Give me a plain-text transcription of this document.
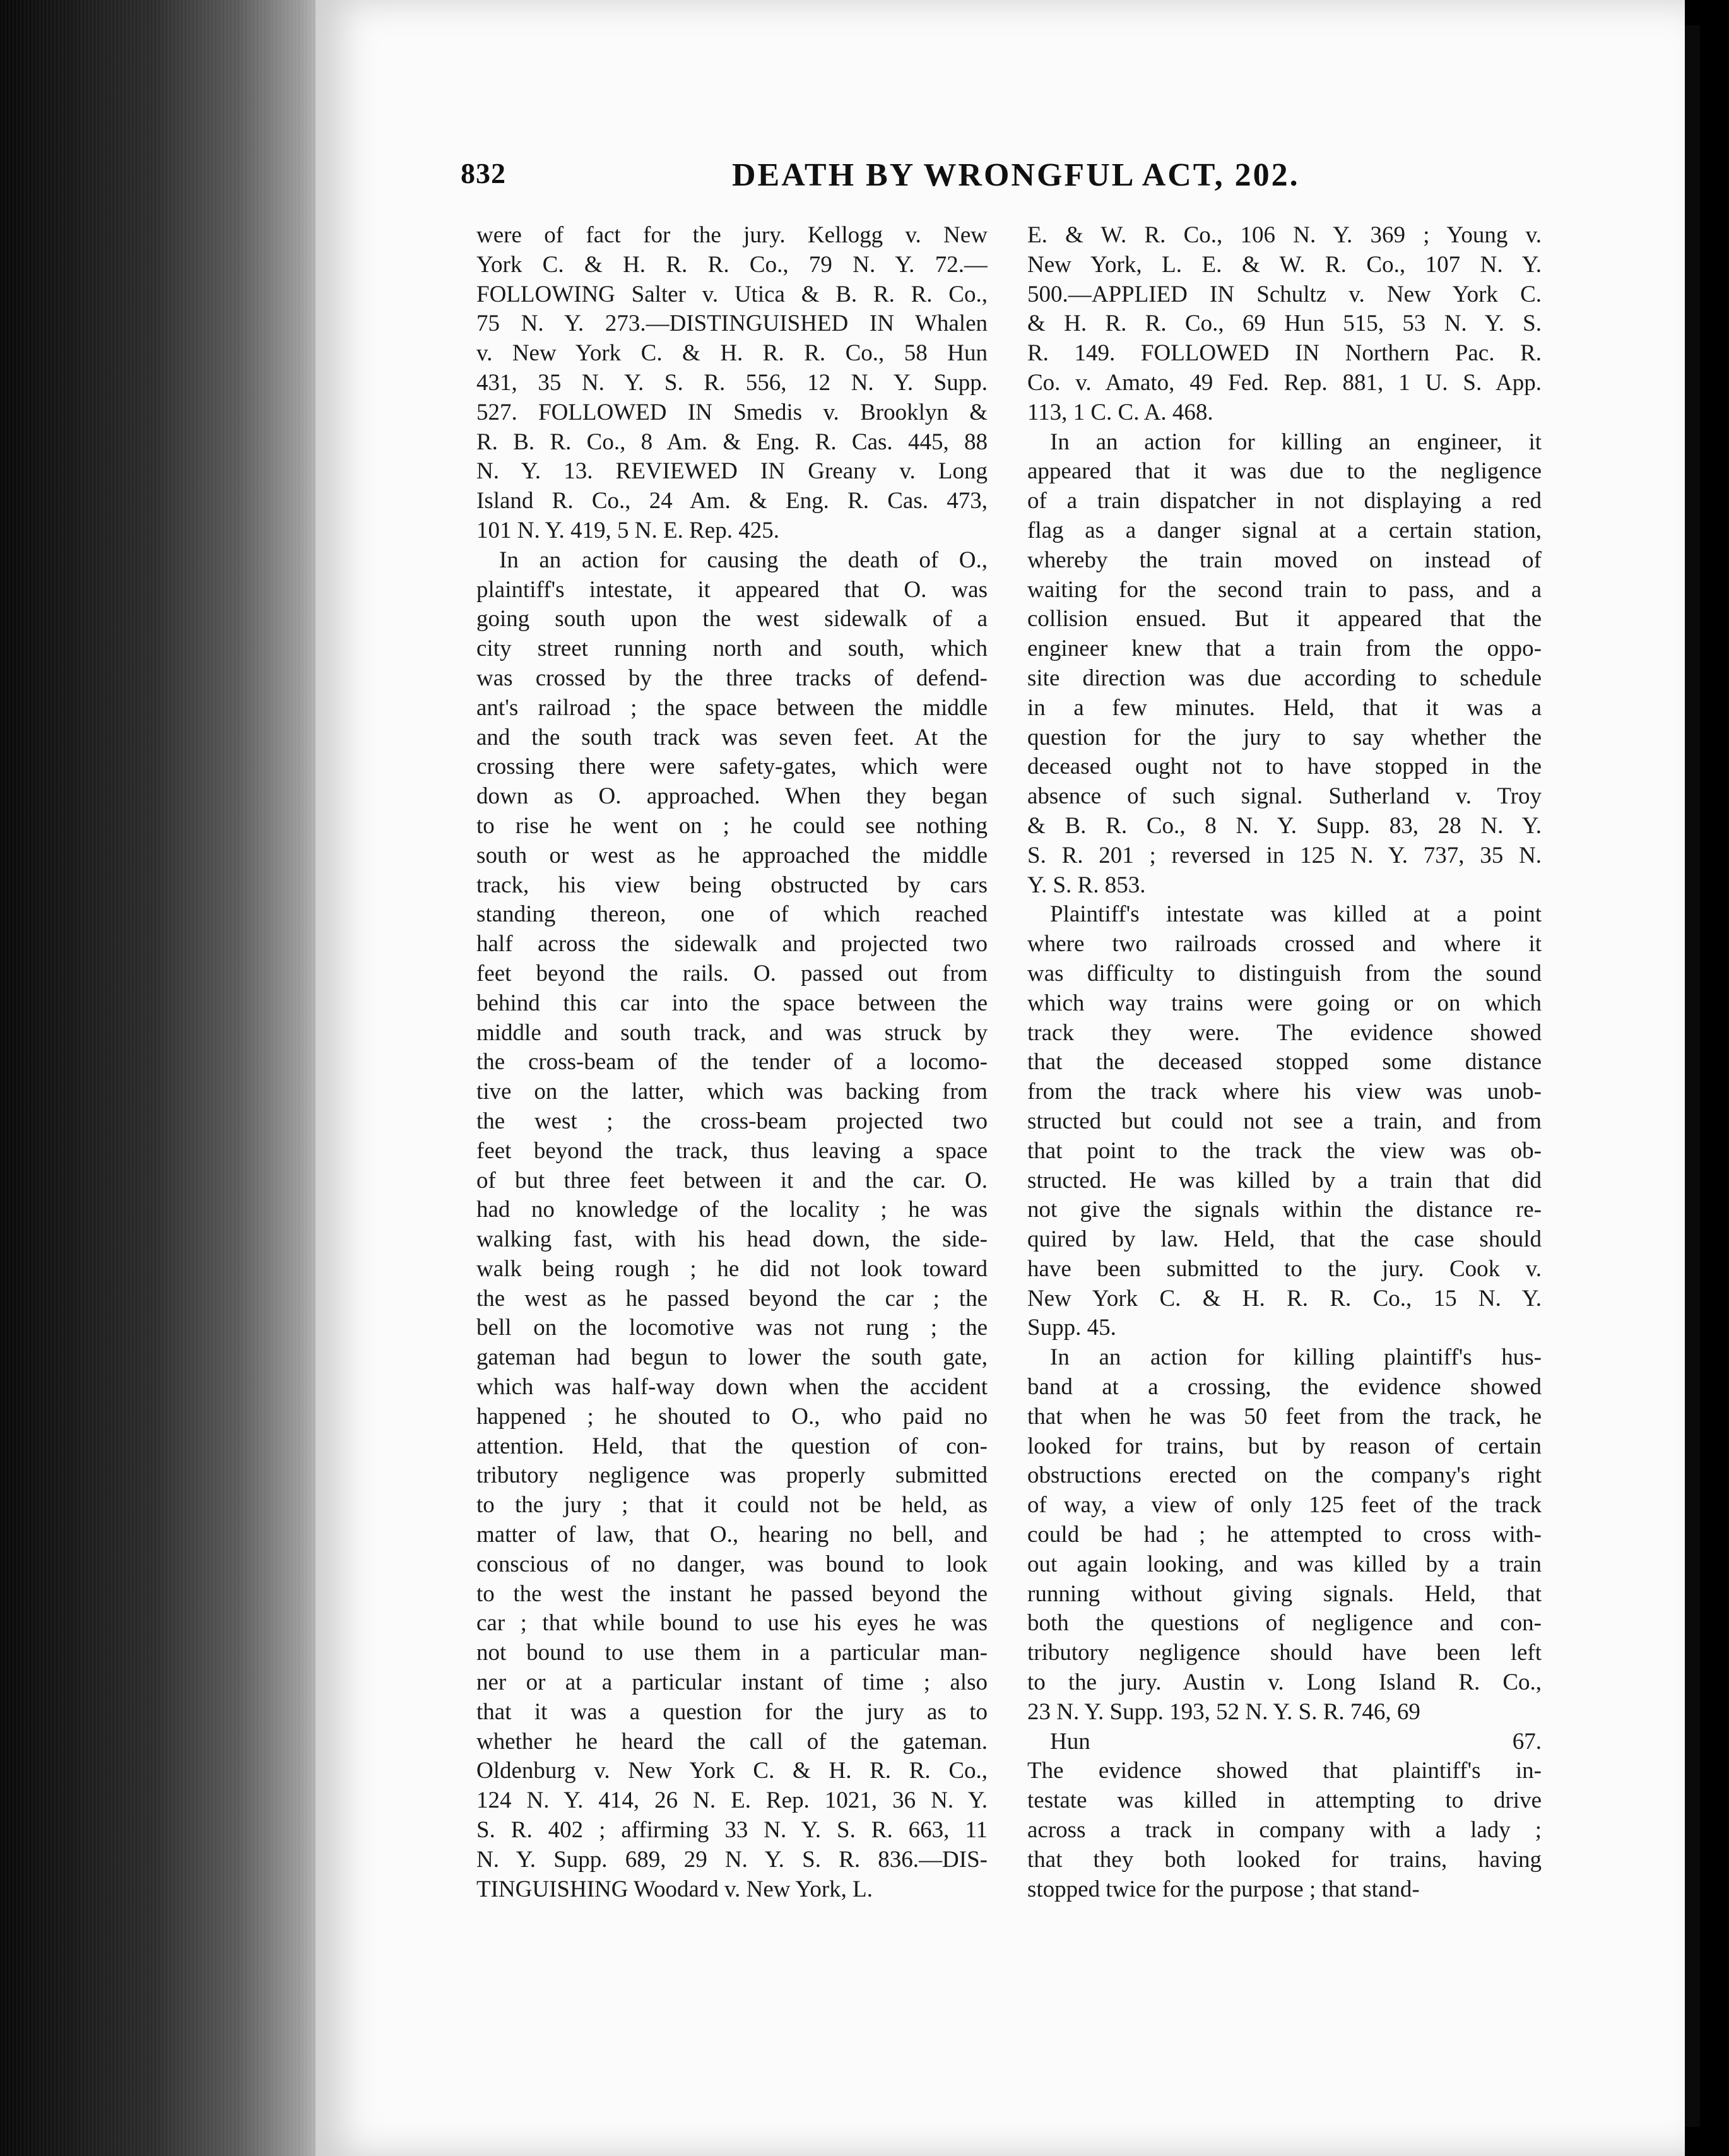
832	DEATH BY WRONGFUL ACT, 202.
were of fact for the jury. Kellogg v. New
York C. & H. R. R. Co., 79 N. Y. 72.—
FOLLOWING Salter v. Utica & B. R. R. Co.,
75 N. Y. 273.—DISTINGUISHED IN Whalen
v. New York C. & H. R. R. Co., 58 Hun
431, 35 N. Y. S. R. 556, 12 N. Y. Supp.
527. FOLLOWED IN Smedis v. Brooklyn &
R. B. R. Co., 8 Am. & Eng. R. Cas. 445, 88
N. Y. 13. REVIEWED IN Greany v. Long
Island R. Co., 24 Am. & Eng. R. Cas. 473,
101 N. Y. 419, 5 N. E. Rep. 425.
In an action for causing the death of O.,
plaintiff's intestate, it appeared that O. was
going south upon the west sidewalk of a
city street running north and south, which
was crossed by the three tracks of defend-
ant's railroad ; the space between the middle
and the south track was seven feet. At the
crossing there were safety-gates, which were
down as O. approached. When they began
to rise he went on ; he could see nothing
south or west as he approached the middle
track, his view being obstructed by cars
standing thereon, one of which reached
half across the sidewalk and projected two
feet beyond the rails. O. passed out from
behind this car into the space between the
middle and south track, and was struck by
the cross-beam of the tender of a locomo-
tive on the latter, which was backing from
the west ; the cross-beam projected two
feet beyond the track, thus leaving a space
of but three feet between it and the car. O.
had no knowledge of the locality ; he was
walking fast, with his head down, the side-
walk being rough ; he did not look toward
the west as he passed beyond the car ; the
bell on the locomotive was not rung ; the
gateman had begun to lower the south gate,
which was half-way down when the accident
happened ; he shouted to O., who paid no
attention. Held, that the question of con-
tributory negligence was properly submitted
to the jury ; that it could not be held, as
matter of law, that O., hearing no bell, and
conscious of no danger, was bound to look
to the west the instant he passed beyond the
car ; that while bound to use his eyes he was
not bound to use them in a particular man-
ner or at a particular instant of time ; also
that it was a question for the jury as to
whether he heard the call of the gateman.
Oldenburg v. New York C. & H. R. R. Co.,
124 N. Y. 414, 26 N. E. Rep. 1021, 36 N. Y.
S. R. 402 ; affirming 33 N. Y. S. R. 663, 11
N. Y. Supp. 689, 29 N. Y. S. R. 836.—DIS-
TINGUISHING Woodard v. New York, L.
E. & W. R. Co., 106 N. Y. 369 ; Young v.
New York, L. E. & W. R. Co., 107 N. Y.
500.—APPLIED IN Schultz v. New York C.
& H. R. R. Co., 69 Hun 515, 53 N. Y. S.
R. 149. FOLLOWED IN Northern Pac. R.
Co. v. Amato, 49 Fed. Rep. 881, 1 U. S. App.
113, 1 C. C. A. 468.
In an action for killing an engineer, it
appeared that it was due to the negligence
of a train dispatcher in not displaying a red
flag as a danger signal at a certain station,
whereby the train moved on instead of
waiting for the second train to pass, and a
collision ensued. But it appeared that the
engineer knew that a train from the oppo-
site direction was due according to schedule
in a few minutes. Held, that it was a
question for the jury to say whether the
deceased ought not to have stopped in the
absence of such signal. Sutherland v. Troy
& B. R. Co., 8 N. Y. Supp. 83, 28 N. Y.
S. R. 201 ; reversed in 125 N. Y. 737, 35 N.
Y. S. R. 853.
Plaintiff's intestate was killed at a point
where two railroads crossed and where it
was difficulty to distinguish from the sound
which way trains were going or on which
track they were. The evidence showed
that the deceased stopped some distance
from the track where his view was unob-
structed but could not see a train, and from
that point to the track the view was ob-
structed. He was killed by a train that did
not give the signals within the distance re-
quired by law. Held, that the case should
have been submitted to the jury. Cook v.
New York C. & H. R. R. Co., 15 N. Y.
Supp. 45.
In an action for killing plaintiff's hus-
band at a crossing, the evidence showed
that when he was 50 feet from the track, he
looked for trains, but by reason of certain
obstructions erected on the company's right
of way, a view of only 125 feet of the track
could be had ; he attempted to cross with-
out again looking, and was killed by a train
running without giving signals. Held, that
both the questions of negligence and con-
tributory negligence should have been left
to the jury. Austin v. Long Island R. Co.,
23 N. Y. Supp. 193, 52 N. Y. S. R. 746, 69
Hun 67.
The evidence showed that plaintiff's in-
testate was killed in attempting to drive
across a track in company with a lady ;
that they both looked for trains, having
stopped twice for the purpose ; that stand-
